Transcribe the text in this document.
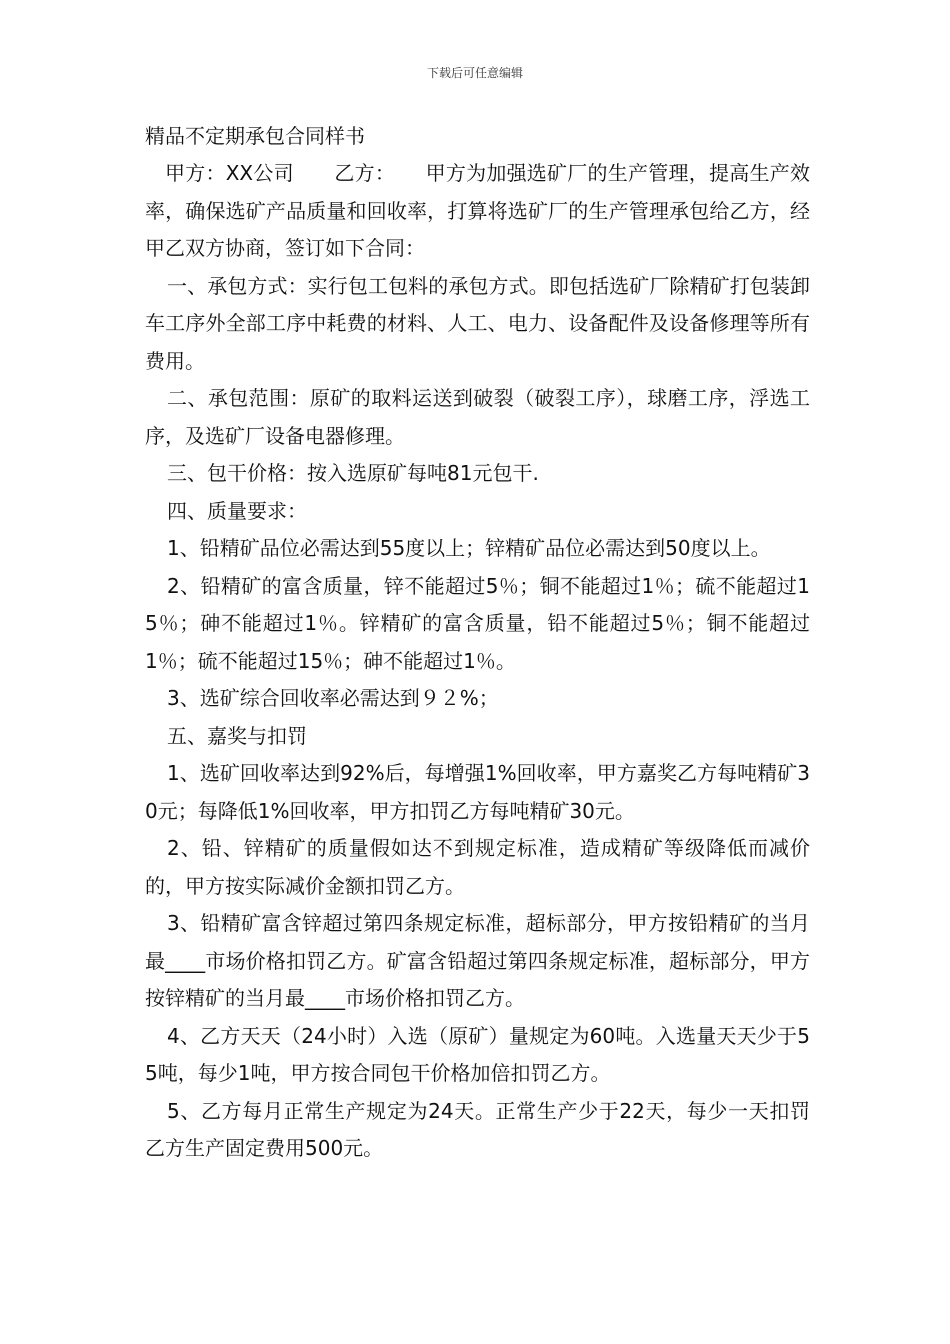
下载后可任意编辑
精品不定期承包合同样书

甲方：XX公司　　乙方：　　甲方为加强选矿厂的生产管理，提高生产效率，确保选矿产品质量和回收率，打算将选矿厂的生产管理承包给乙方，经甲乙双方协商，签订如下合同：

一、承包方式：实行包工包料的承包方式。即包括选矿厂除精矿打包装卸车工序外全部工序中耗费的材料、人工、电力、设备配件及设备修理等所有费用。

二、承包范围：原矿的取料运送到破裂（破裂工序），球磨工序，浮选工序，及选矿厂设备电器修理。

三、包干价格：按入选原矿每吨81元包干.

四、质量要求：

1、铅精矿品位必需达到55度以上；锌精矿品位必需达到50度以上。

2、铅精矿的富含质量，锌不能超过5％；铜不能超过1％；硫不能超过15％；砷不能超过1％。锌精矿的富含质量，铅不能超过5％；铜不能超过1％；硫不能超过15％；砷不能超过1％。

3、选矿综合回收率必需达到９２%；

五、嘉奖与扣罚

1、选矿回收率达到92%后，每增强1%回收率，甲方嘉奖乙方每吨精矿30元；每降低1%回收率，甲方扣罚乙方每吨精矿30元。

2、铅、锌精矿的质量假如达不到规定标准，造成精矿等级降低而减价的，甲方按实际减价金额扣罚乙方。

3、铅精矿富含锌超过第四条规定标准，超标部分，甲方按铅精矿的当月最____市场价格扣罚乙方。矿富含铅超过第四条规定标准，超标部分，甲方按锌精矿的当月最____市场价格扣罚乙方。

4、乙方天天（24小时）入选（原矿）量规定为60吨。入选量天天少于55吨，每少1吨，甲方按合同包干价格加倍扣罚乙方。

5、乙方每月正常生产规定为24天。正常生产少于22天，每少一天扣罚乙方生产固定费用500元。
